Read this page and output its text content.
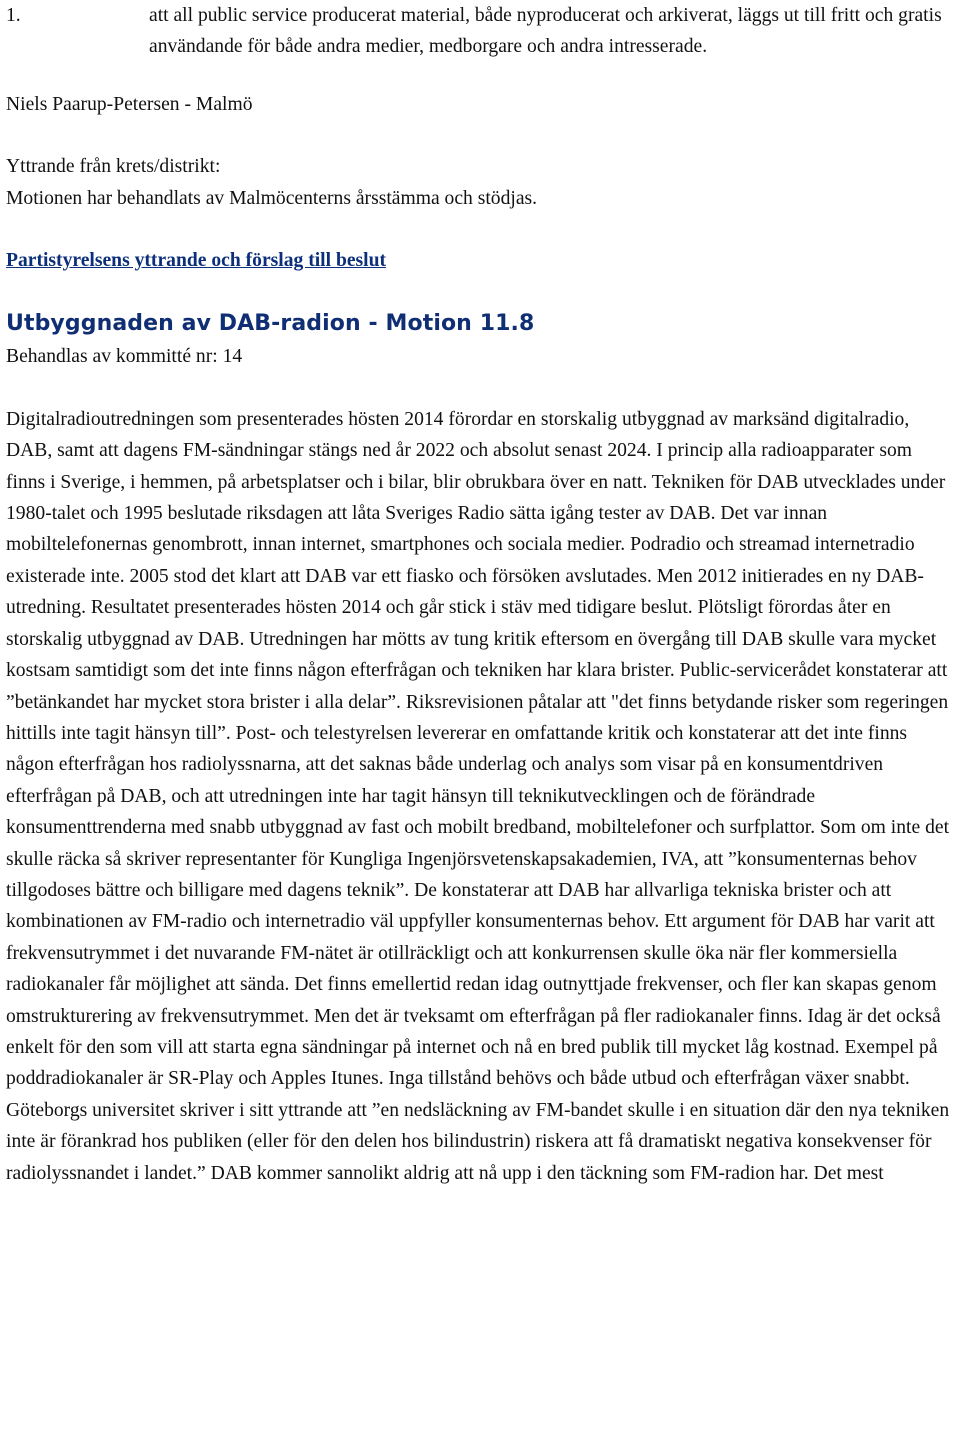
1.	att all public service producerat material, både nyproducerat och arkiverat, läggs ut till fritt och gratis användande för både andra medier, medborgare och andra intresserade.

Niels Paarup-Petersen - Malmö

Yttrande från krets/distrikt:

Motionen har behandlats av Malmöcenterns årsstämma och stödjas.

Partistyrelsens yttrande och förslag till beslut

Utbyggnaden av DAB-radion - Motion 11.8

Behandlas av kommitté nr: 14

Digitalradioutredningen som presenterades hösten 2014 förordar en storskalig utbyggnad av marksänd digitalradio, DAB, samt att dagens FM-sändningar stängs ned år 2022 och absolut senast 2024. I princip alla radioapparater som finns i Sverige, i hemmen, på arbetsplatser och i bilar, blir obrukbara över en natt. Tekniken för DAB utvecklades under 1980-talet och 1995 beslutade riksdagen att låta Sveriges Radio sätta igång tester av DAB. Det var innan mobiltelefonernas genombrott, innan internet, smartphones och sociala medier. Podradio och streamad internetradio existerade inte. 2005 stod det klart att DAB var ett fiasko och försöken avslutades. Men 2012 initierades en ny DAB-utredning. Resultatet presenterades hösten 2014 och går stick i stäv med tidigare beslut. Plötsligt förordas åter en storskalig utbyggnad av DAB. Utredningen har mötts av tung kritik eftersom en övergång till DAB skulle vara mycket kostsam samtidigt som det inte finns någon efterfrågan och tekniken har klara brister. Public-servicerådet konstaterar att ”betänkandet har mycket stora brister i alla delar”. Riksrevisionen påtalar att "det finns betydande risker som regeringen hittills inte tagit hänsyn till”. Post- och telestyrelsen levererar en omfattande kritik och konstaterar att det inte finns någon efterfrågan hos radiolyssnarna, att det saknas både underlag och analys som visar på en konsumentdriven efterfrågan på DAB, och att utredningen inte har tagit hänsyn till teknikutvecklingen och de förändrade konsumenttrenderna med snabb utbyggnad av fast och mobilt bredband, mobiltelefoner och surfplattor. Som om inte det skulle räcka så skriver representanter för Kungliga Ingenjörsvetenskapsakademien, IVA, att ”konsumenternas behov tillgodoses bättre och billigare med dagens teknik”. De konstaterar att DAB har allvarliga tekniska brister och att kombinationen av FM-radio och internetradio väl uppfyller konsumenternas behov. Ett argument för DAB har varit att frekvensutrymmet i det nuvarande FM-nätet är otillräckligt och att konkurrensen skulle öka när fler kommersiella radiokanaler får möjlighet att sända. Det finns emellertid redan idag outnyttjade frekvenser, och fler kan skapas genom omstrukturering av frekvensutrymmet. Men det är tveksamt om efterfrågan på fler radiokanaler finns. Idag är det också enkelt för den som vill att starta egna sändningar på internet och nå en bred publik till mycket låg kostnad. Exempel på poddradiokanaler är SR-Play och Apples Itunes. Inga tillstånd behövs och både utbud och efterfrågan växer snabbt. Göteborgs universitet skriver i sitt yttrande att ”en nedsläckning av FM-bandet skulle i en situation där den nya tekniken inte är förankrad hos publiken (eller för den delen hos bilindustrin) riskera att få dramatiskt negativa konsekvenser för radiolyssnandet i landet.” DAB kommer sannolikt aldrig att nå upp i den täckning som FM-radion har. Det mest
